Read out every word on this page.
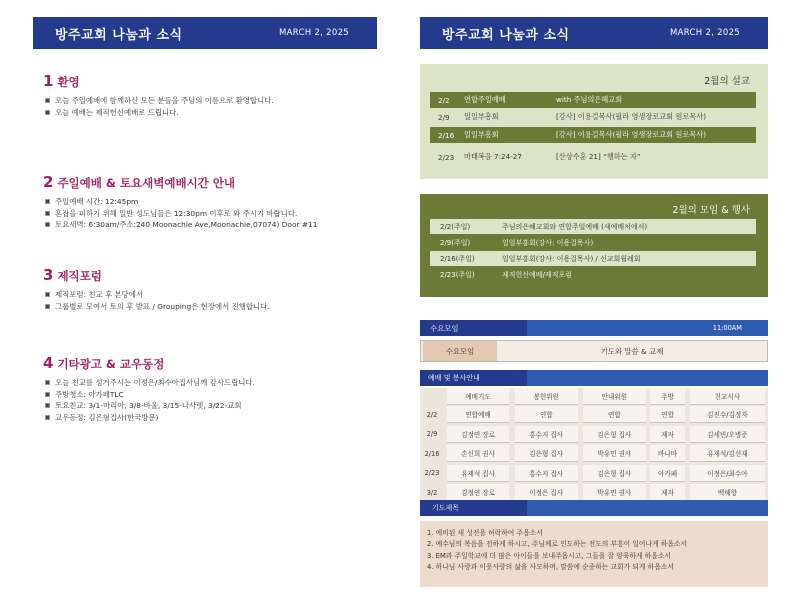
방주교회 나눔과 소식	MARCH 2, 2025	방주교회 나눔과 소식	MARCH 2, 2025
1 환영
오늘 주일예배에 함께하신 모든 분들을 주님의 이름으로 환영합니다.
오늘 예배는 제직헌신예배로 드립니다.
2 주일예배 & 토요새벽예배시간 안내
주일예배 시간: 12:45pm
혼잡을 피하기 위해 일반 성도님들은 12:30pm 이후로 와 주시기 바랍니다.
토요새벽: 6:30am/주소:240 Moonachie Ave,Moonachie,07074) Door #11
3 제직포럼
제직포럼: 친교 후 본당에서
그룹별로 모여서 토의 후 발표 / Grouping은 현장에서 진행합니다.
4 기타광고 & 교우동정
오늘 친교를 섬겨주시는 이정은/최수아집사님께 감사드립니다.
주방청소: 아가페TLC
토요친교: 3/1-마리아, 3/8-바울, 3/15-나사렛, 3/22-교회
교우동정: 김은형집사(한국방문)
2월의 설교
2/2	연합주일예배	with 주님의은혜교회
2/9	일일부흥회	[강사] 이용걸목사(필라 영생장로교회 원로목사)
2/16	일일부흥회	[강사] 이용걸목사(필라 영생장로교회 원로목사)
2/23	마태복음 7:24-27	[산상수훈 21] “행하는 자”
2월의 모임 & 행사
2/2(주일)	주님의은혜교회와 연합주일예배 (새예배처에서)
2/9(주일)	일일부흥회(강사: 이용걸목사)
2/16(주일)	일일부흥회(강사: 이용걸목사) / 선교회월례회
2/23(주일)	제직헌신예배/제직포럼
수요모임	11:00AM
수요모임	기도와 말씀 & 교제
예배 및 봉사안내
	예배기도	봉헌위원	안내위원	주방	친교식사
2/2	연합예배	연합	연합	연합	김진수/김정자
2/9	김정연 장로	홍수지 집사	김은형 집사	제자	김세빈/오병준
2/16	손신희 권사	김은형 집사	박유민 권사	바나바	유재석/김선재
2/23	유재석 집사	홍수지 집사	김은형 집사	아가페	이정은/최수아
3/2	김정연 장로	이정은 집사	박유민 권사	제자	백혜향
기도제목
1. 예비된 새 성전을 허락하여 주옵소서
2. 예수님의 복음을 전하게 하시고, 주님께로 인도하는 전도의 부흥이 일어나게 하옵소서
3. EM과 주일학교에 더 많은 아이들을 보내주옵시고, 그들을 잘 양육하게 하옵소서
4. 하나님 사랑과 이웃사랑의 삶을 사모하며, 말씀에 순종하는 교회가 되게 하옵소서
